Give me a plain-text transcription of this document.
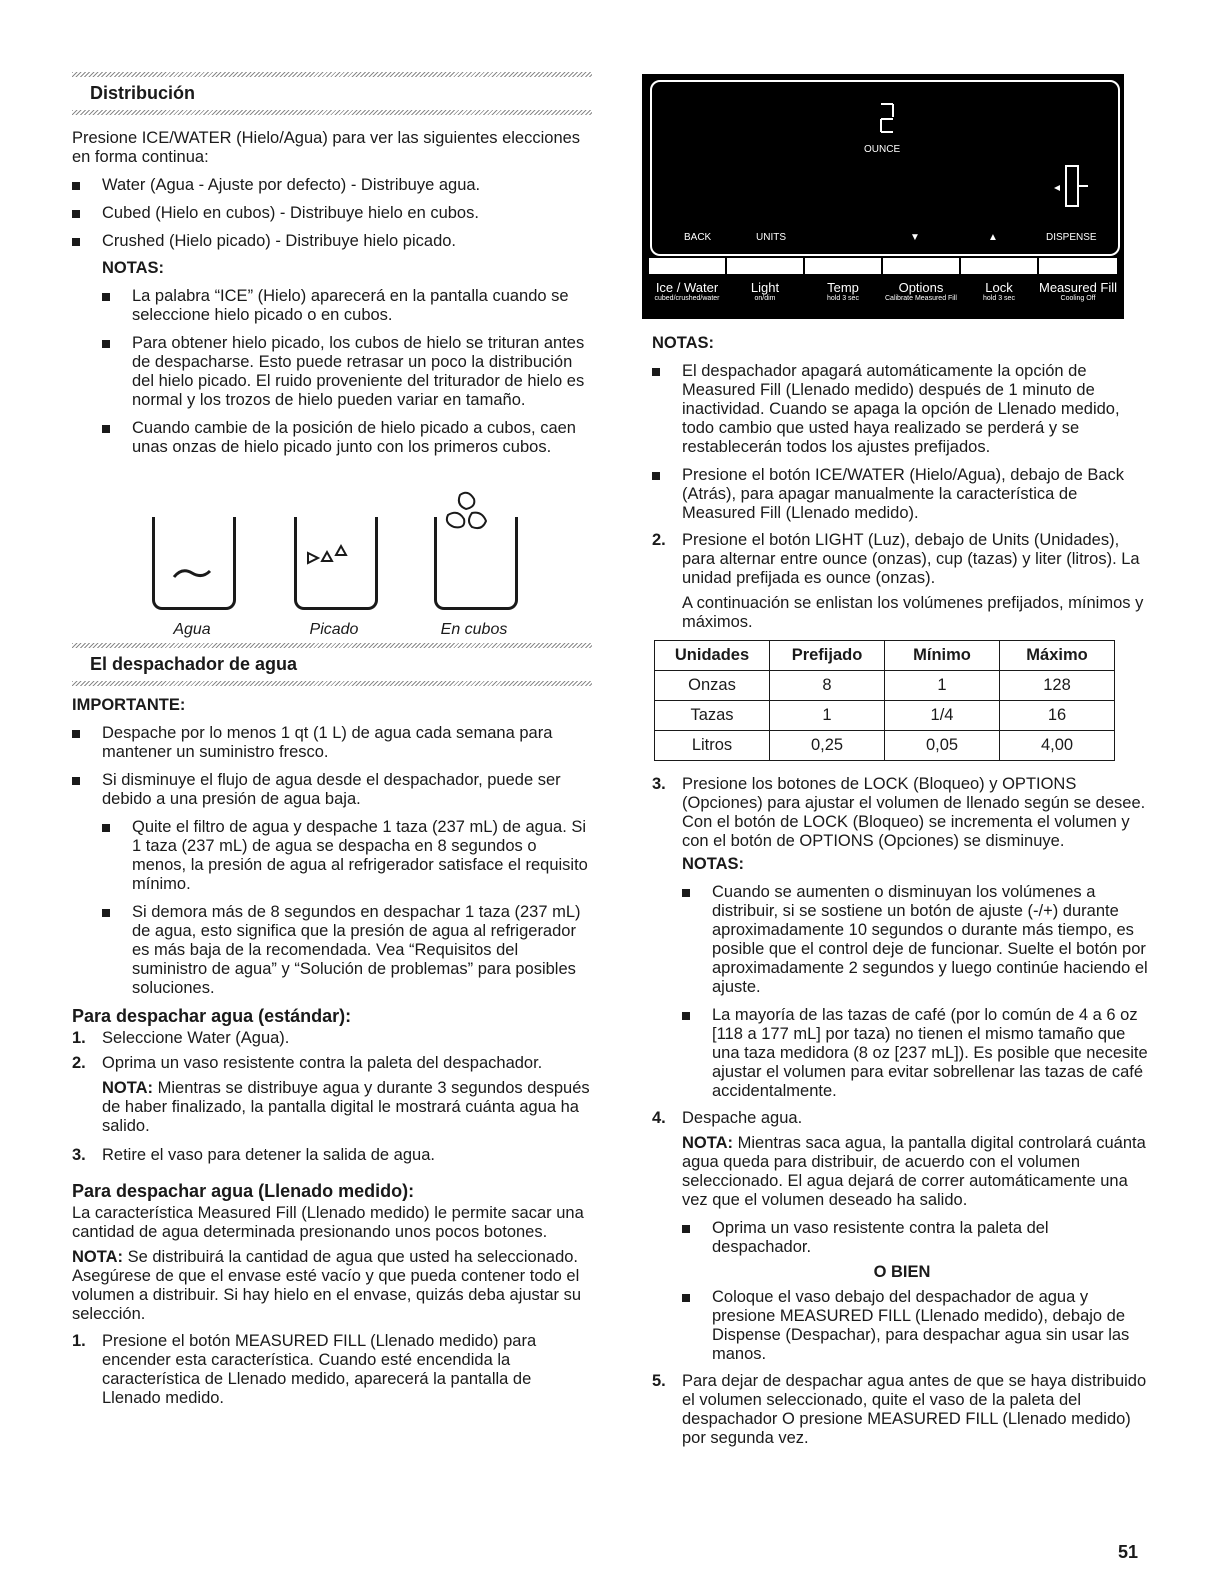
Distribución

Presione ICE/WATER (Hielo/Agua) para ver las siguientes elecciones en forma continua:

Water (Agua - Ajuste por defecto) - Distribuye agua.
Cubed (Hielo en cubos) - Distribuye hielo en cubos.
Crushed (Hielo picado) - Distribuye hielo picado.
NOTAS:
La palabra “ICE” (Hielo) aparecerá en la pantalla cuando se seleccione hielo picado o en cubos.
Para obtener hielo picado, los cubos de hielo se trituran antes de despacharse. Esto puede retrasar un poco la distribución del hielo picado. El ruido proveniente del triturador de hielo es normal y los trozos de hielo pueden variar en tamaño.
Cuando cambie de la posición de hielo picado a cubos, caen unas onzas de hielo picado junto con los primeros cubos.
Agua	Picado	En cubos
El despachador de agua
IMPORTANTE:
Despache por lo menos 1 qt (1 L) de agua cada semana para mantener un suministro fresco.
Si disminuye el flujo de agua desde el despachador, puede ser debido a una presión de agua baja.
Quite el filtro de agua y despache 1 taza (237 mL) de agua. Si 1 taza (237 mL) de agua se despacha en 8 segundos o menos, la presión de agua al refrigerador satisface el requisito mínimo.
Si demora más de 8 segundos en despachar 1 taza (237 mL) de agua, esto significa que la presión de agua al refrigerador es más baja de la recomendada. Vea “Requisitos del suministro de agua” y “Solución de problemas” para posibles soluciones.
Para despachar agua (estándar):
1. Seleccione Water (Agua).
2. Oprima un vaso resistente contra la paleta del despachador.
NOTA: Mientras se distribuye agua y durante 3 segundos después de haber finalizado, la pantalla digital le mostrará cuánta agua ha salido.
3. Retire el vaso para detener la salida de agua.
Para despachar agua (Llenado medido):

La característica Measured Fill (Llenado medido) le permite sacar una cantidad de agua determinada presionando unos pocos botones.

NOTA: Se distribuirá la cantidad de agua que usted ha seleccionado. Asegúrese de que el envase esté vacío y que pueda contener todo el volumen a distribuir. Si hay hielo en el envase, quizás deba ajustar su selección.

1. Presione el botón MEASURED FILL (Llenado medido) para encender esta característica. Cuando esté encendida la característica de Llenado medido, aparecerá la pantalla de Llenado medido.
OUNCE
BACK	UNITS	▼	▲	DISPENSE
Ice / Water
cubed/crushed/water
Light
on/dim
Temp
hold 3 sec
Options
Calibrate Measured Fill
Lock
hold 3 sec
Measured Fill
Cooling Off
NOTAS:
El despachador apagará automáticamente la opción de Measured Fill (Llenado medido) después de 1 minuto de inactividad. Cuando se apaga la opción de Llenado medido, todo cambio que usted haya realizado se perderá y se restablecerán todos los ajustes prefijados.
Presione el botón ICE/WATER (Hielo/Agua), debajo de Back (Atrás), para apagar manualmente la característica de Measured Fill (Llenado medido).
2. Presione el botón LIGHT (Luz), debajo de Units (Unidades), para alternar entre ounce (onzas), cup (tazas) y liter (litros). La unidad prefijada es ounce (onzas).
A continuación se enlistan los volúmenes prefijados, mínimos y máximos.
Unidades	Prefijado	Mínimo	Máximo
Onzas	8	1	128
Tazas	1	1/4	16
Litros	0,25	0,05	4,00
3. Presione los botones de LOCK (Bloqueo) y OPTIONS (Opciones) para ajustar el volumen de llenado según se desee. Con el botón de LOCK (Bloqueo) se incrementa el volumen y con el botón de OPTIONS (Opciones) se disminuye.
NOTAS:
Cuando se aumenten o disminuyan los volúmenes a distribuir, si se sostiene un botón de ajuste (-/+) durante aproximadamente 10 segundos o durante más tiempo, es posible que el control deje de funcionar. Suelte el botón por aproximadamente 2 segundos y luego continúe haciendo el ajuste.
La mayoría de las tazas de café (por lo común de 4 a 6 oz [118 a 177 mL] por taza) no tienen el mismo tamaño que una taza medidora (8 oz [237 mL]). Es posible que necesite ajustar el volumen para evitar sobrellenar las tazas de café accidentalmente.
4. Despache agua.
NOTA: Mientras saca agua, la pantalla digital controlará cuánta agua queda para distribuir, de acuerdo con el volumen seleccionado. El agua dejará de correr automáticamente una vez que el volumen deseado ha salido.
Oprima un vaso resistente contra la paleta del despachador.
O BIEN
Coloque el vaso debajo del despachador de agua y presione MEASURED FILL (Llenado medido), debajo de Dispense (Despachar), para despachar agua sin usar las manos.
5. Para dejar de despachar agua antes de que se haya distribuido el volumen seleccionado, quite el vaso de la paleta del despachador O presione MEASURED FILL (Llenado medido) por segunda vez.
51
